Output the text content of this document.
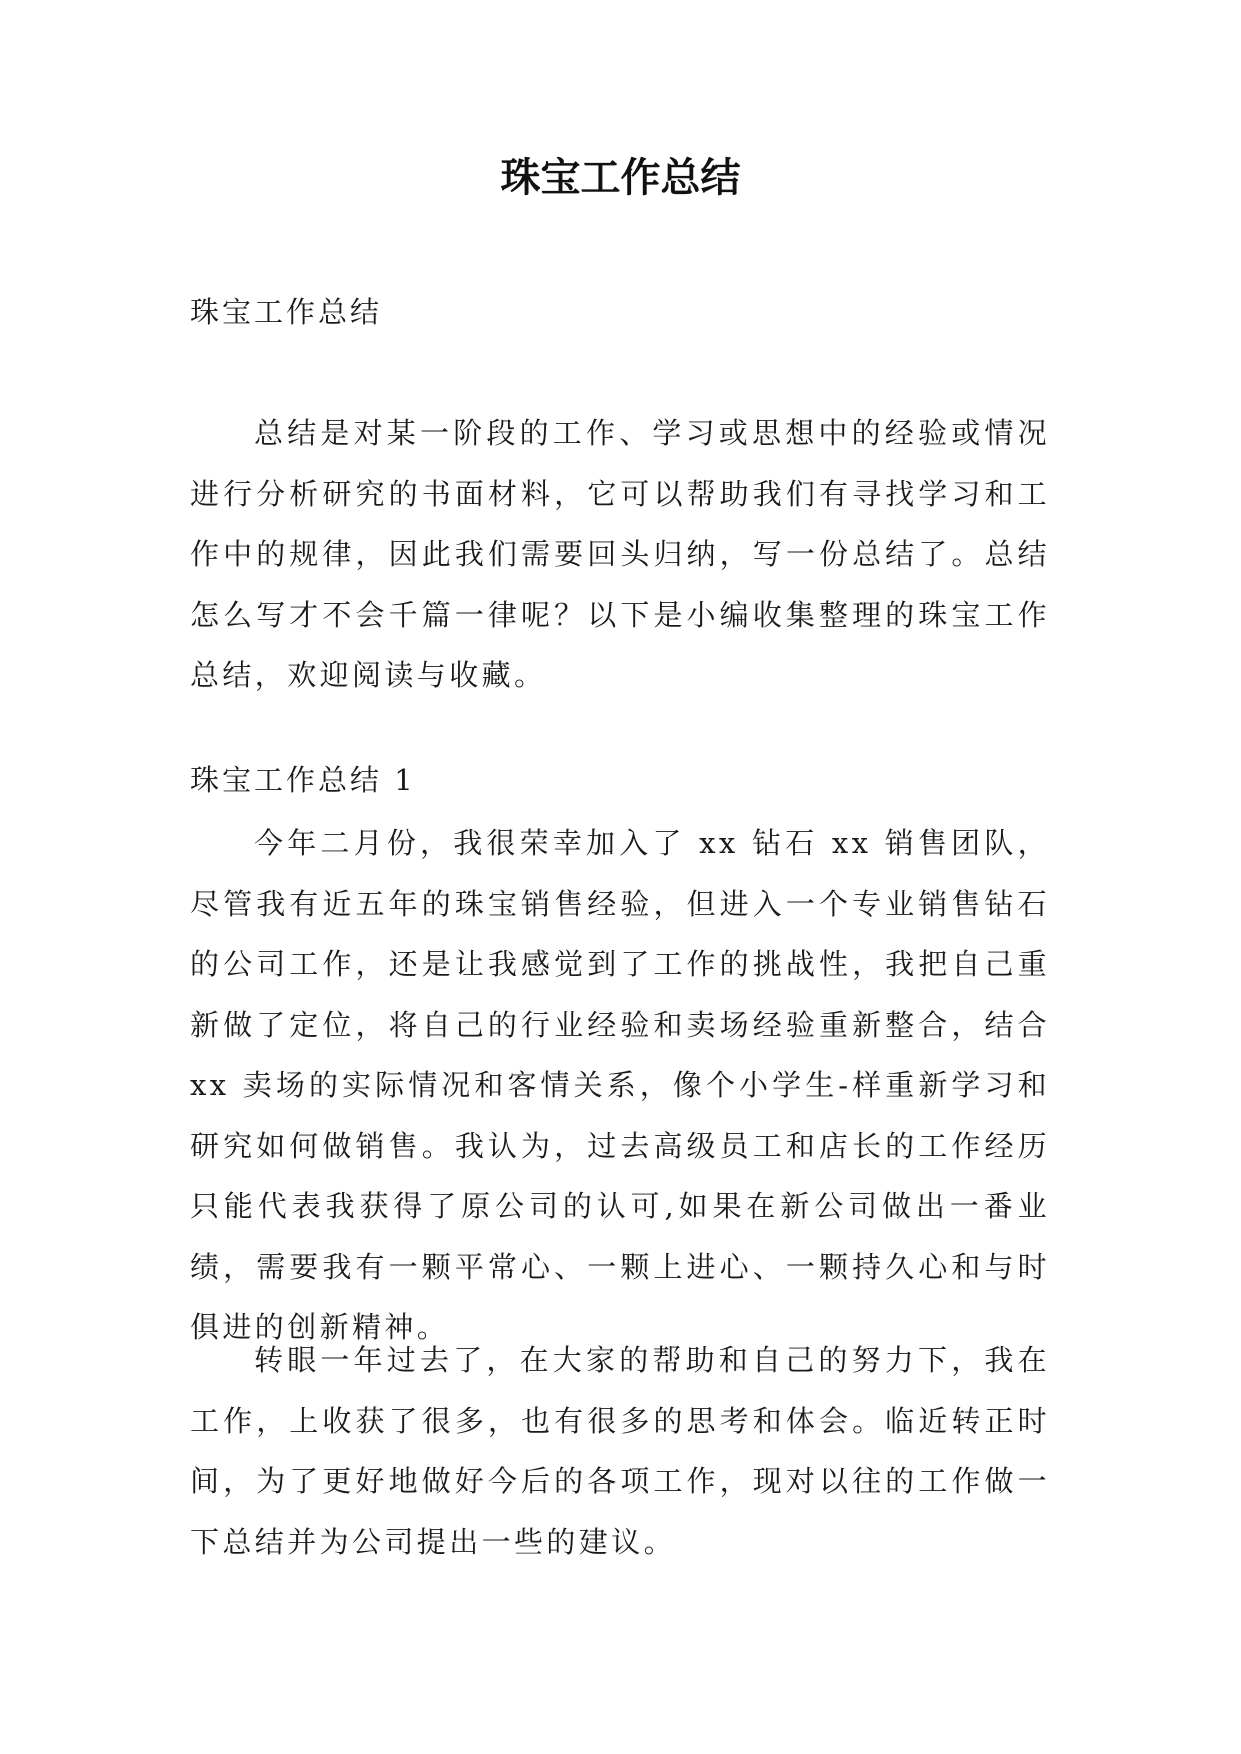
珠宝工作总结

珠宝工作总结

总结是对某一阶段的工作、学习或思想中的经验或情况进行分析研究的书面材料，它可以帮助我们有寻找学习和工作中的规律，因此我们需要回头归纳，写一份总结了。总结怎么写才不会千篇一律呢？以下是小编收集整理的珠宝工作总结，欢迎阅读与收藏。

珠宝工作总结 1

今年二月份，我很荣幸加入了 xx 钻石 xx 销售团队，尽管我有近五年的珠宝销售经验，但进入一个专业销售钻石的公司工作，还是让我感觉到了工作的挑战性，我把自己重新做了定位，将自己的行业经验和卖场经验重新整合，结合 xx 卖场的实际情况和客情关系，像个小学生-样重新学习和研究如何做销售。我认为，过去高级员工和店长的工作经历只能代表我获得了原公司的认可,如果在新公司做出一番业绩，需要我有一颗平常心、一颗上进心、一颗持久心和与时俱进的创新精神。

转眼一年过去了，在大家的帮助和自己的努力下，我在工作，上收获了很多，也有很多的思考和体会。临近转正时间，为了更好地做好今后的各项工作，现对以往的工作做一下总结并为公司提出一些的建议。
